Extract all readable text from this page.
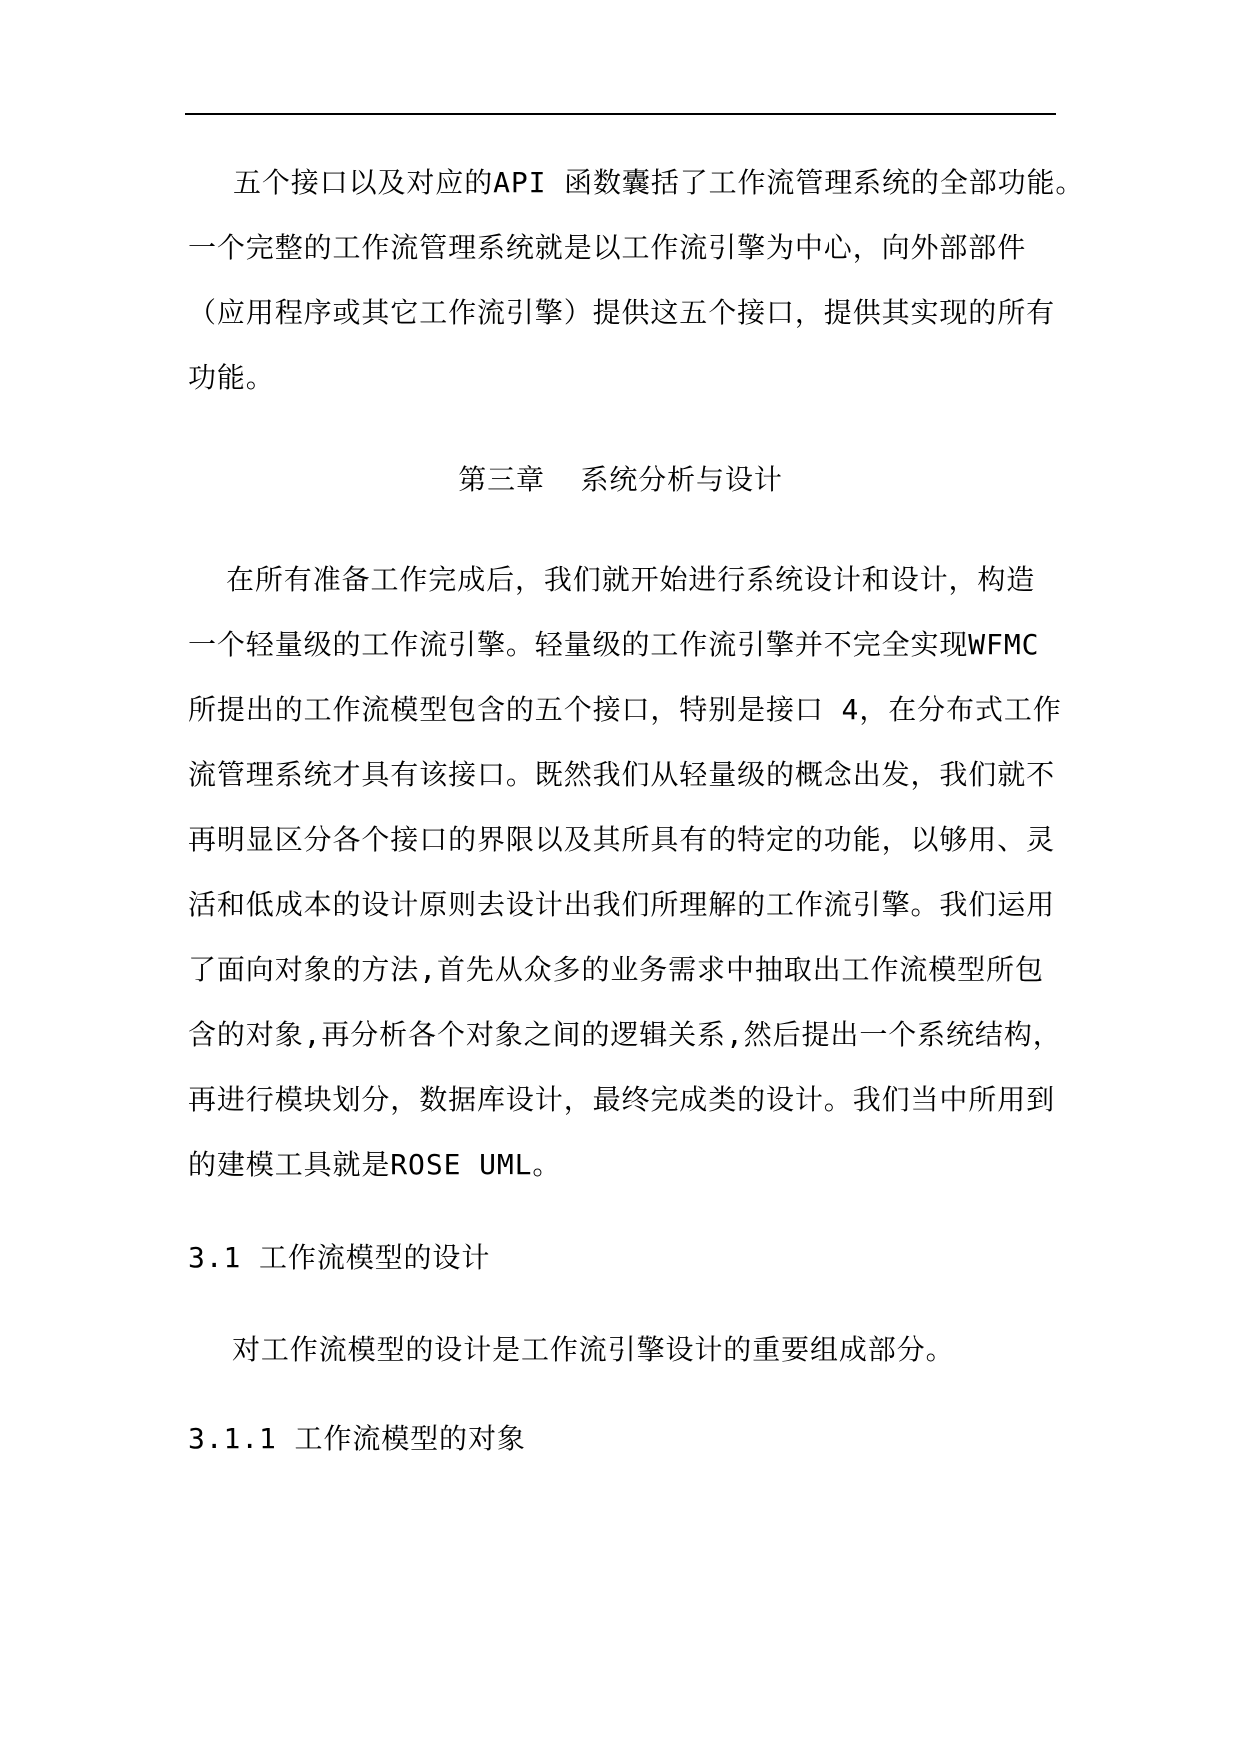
五个接口以及对应的API 函数囊括了工作流管理系统的全部功能。
一个完整的工作流管理系统就是以工作流引擎为中心，向外部部件
（应用程序或其它工作流引擎）提供这五个接口，提供其实现的所有
功能。
第三章  系统分析与设计
在所有准备工作完成后，我们就开始进行系统设计和设计，构造
一个轻量级的工作流引擎。轻量级的工作流引擎并不完全实现WFMC
所提出的工作流模型包含的五个接口，特别是接口 4，在分布式工作
流管理系统才具有该接口。既然我们从轻量级的概念出发，我们就不
再明显区分各个接口的界限以及其所具有的特定的功能，以够用、灵
活和低成本的设计原则去设计出我们所理解的工作流引擎。我们运用
了面向对象的方法,首先从众多的业务需求中抽取出工作流模型所包
含的对象,再分析各个对象之间的逻辑关系,然后提出一个系统结构，
再进行模块划分，数据库设计，最终完成类的设计。我们当中所用到
的建模工具就是ROSE UML。
3.1 工作流模型的设计
对工作流模型的设计是工作流引擎设计的重要组成部分。
3.1.1 工作流模型的对象
